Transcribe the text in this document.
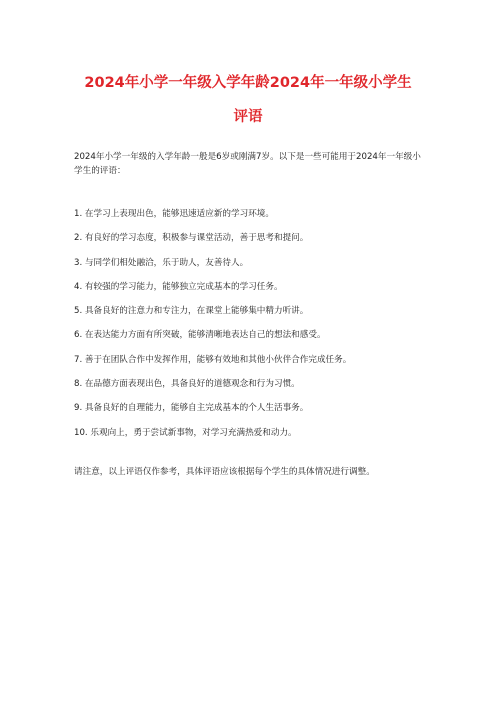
2024年小学一年级入学年龄2024年一年级小学生
评语

2024年小学一年级的入学年龄一般是6岁或刚满7岁。以下是一些可能用于2024年一年级小学生的评语：

1. 在学习上表现出色，能够迅速适应新的学习环境。
2. 有良好的学习态度，积极参与课堂活动，善于思考和提问。
3. 与同学们相处融洽，乐于助人，友善待人。
4. 有较强的学习能力，能够独立完成基本的学习任务。
5. 具备良好的注意力和专注力，在课堂上能够集中精力听讲。
6. 在表达能力方面有所突破，能够清晰地表达自己的想法和感受。
7. 善于在团队合作中发挥作用，能够有效地和其他小伙伴合作完成任务。
8. 在品德方面表现出色，具备良好的道德观念和行为习惯。
9. 具备良好的自理能力，能够自主完成基本的个人生活事务。
10. 乐观向上，勇于尝试新事物，对学习充满热爱和动力。

请注意，以上评语仅作参考，具体评语应该根据每个学生的具体情况进行调整。
